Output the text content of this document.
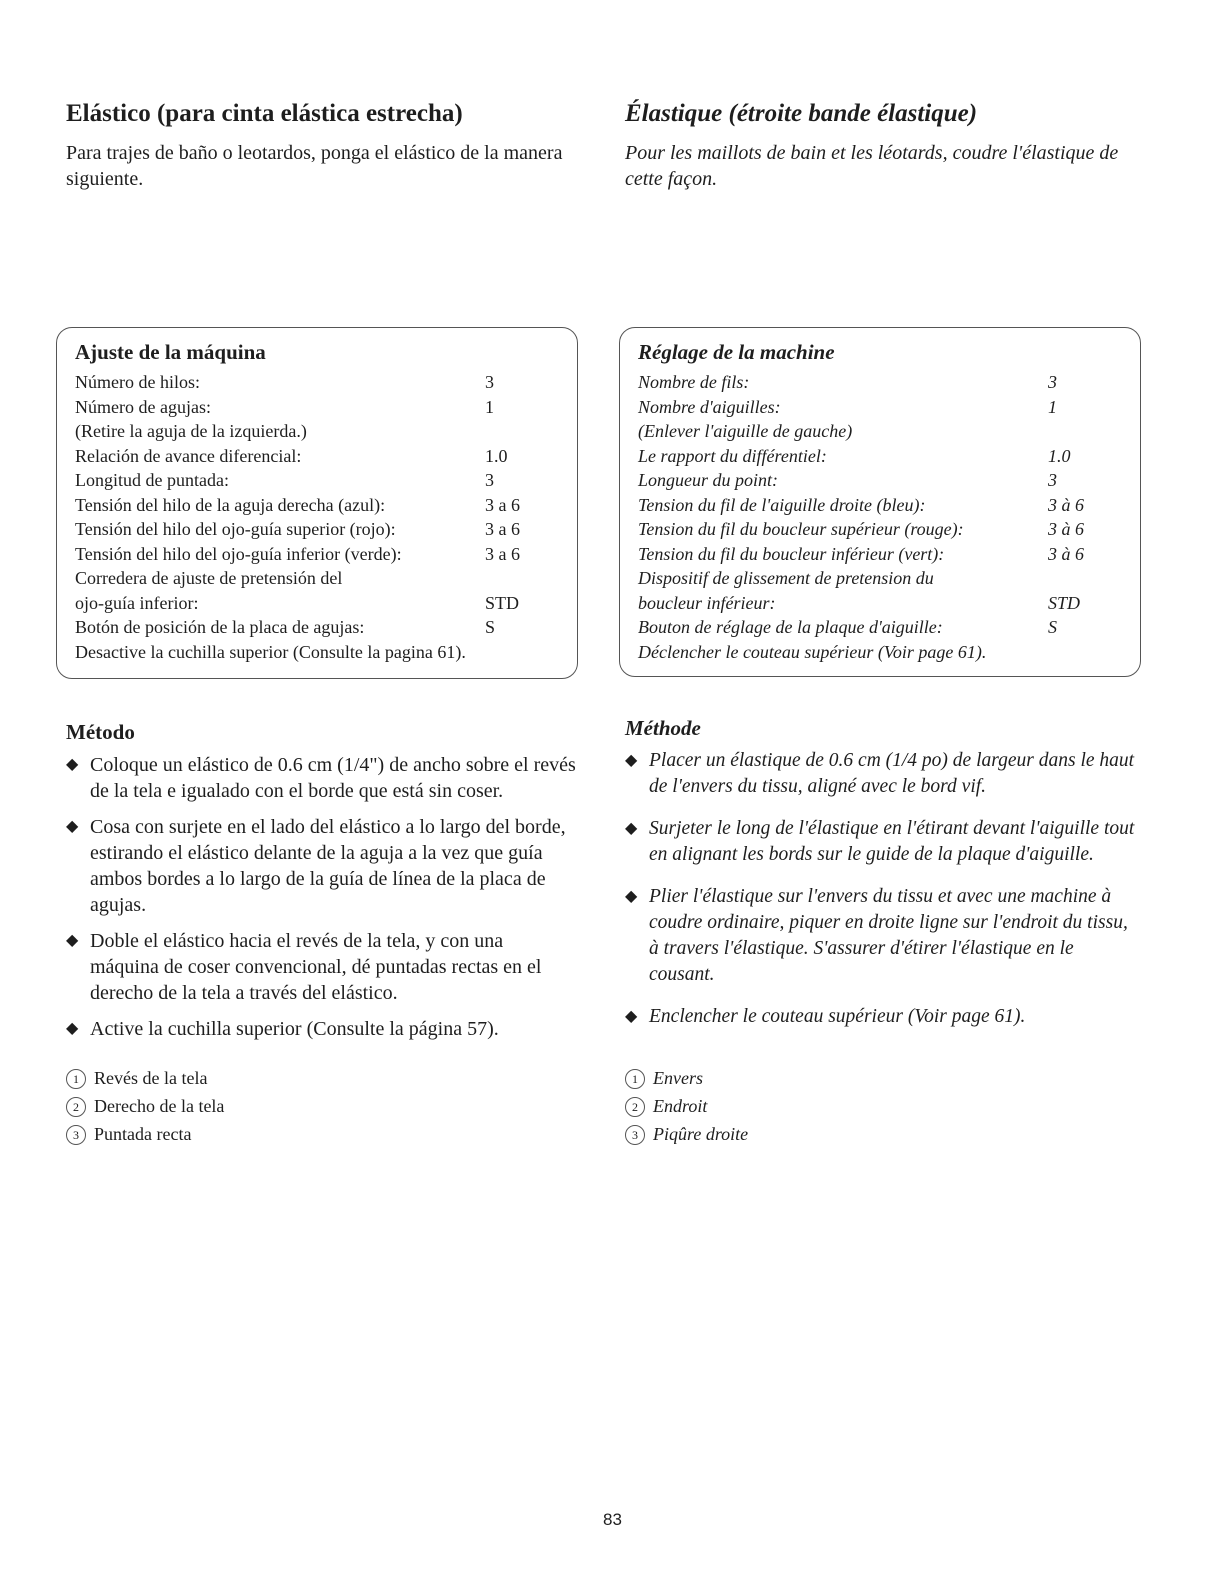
Elástico (para cinta elástica estrecha)

Para trajes de baño o leotardos, ponga el elástico de la manera siguiente.

Ajuste de la máquina
Número de hilos:	3
Número de agujas:	1
(Retire la aguja de la izquierda.)
Relación de avance diferencial:	1.0
Longitud de puntada:	3
Tensión del hilo de la aguja derecha (azul):	3 a 6
Tensión del hilo del ojo-guía superior (rojo):	3 a 6
Tensión del hilo del ojo-guía inferior (verde):	3 a 6
Corredera de ajuste de pretensión del
ojo-guía inferior:	STD
Botón de posición de la placa de agujas:	S
Desactive la cuchilla superior (Consulte la pagina 61).
Método
◆ Coloque un elástico de 0.6 cm (1/4") de ancho sobre el revés de la tela e igualado con el borde que está sin coser.
◆ Cosa con surjete en el lado del elástico a lo largo del borde, estirando el elástico delante de la aguja a la vez que guía ambos bordes a lo largo de la guía de línea de la placa de agujas.
◆ Doble el elástico hacia el revés de la tela, y con una máquina de coser convencional, dé puntadas rectas en el derecho de la tela a través del elástico.
◆ Active la cuchilla superior (Consulte la página 57).
1 Revés de la tela
2 Derecho de la tela
3 Puntada recta
Élastique (étroite bande élastique)

Pour les maillots de bain et les léotards, coudre l'élastique de cette façon.

Réglage de la machine
Nombre de fils:	3
Nombre d'aiguilles:	1
(Enlever l'aiguille de gauche)
Le rapport du différentiel:	1.0
Longueur du point:	3
Tension du fil de l'aiguille droite (bleu):	3 à 6
Tension du fil du boucleur supérieur (rouge):	3 à 6
Tension du fil du boucleur inférieur (vert):	3 à 6
Dispositif de glissement de pretension du
boucleur inférieur:	STD
Bouton de réglage de la plaque d'aiguille:	S
Déclencher le couteau supérieur (Voir page 61).
Méthode
◆ Placer un élastique de 0.6 cm (1/4 po) de largeur dans le haut de l'envers du tissu, aligné avec le bord vif.
◆ Surjeter le long de l'élastique en l'étirant devant l'aiguille tout en alignant les bords sur le guide de la plaque d'aiguille.
◆ Plier l'élastique sur l'envers du tissu et avec une machine à coudre ordinaire, piquer en droite ligne sur l'endroit du tissu, à travers l'élastique. S'assurer d'étirer l'élastique en le cousant.
◆ Enclencher le couteau supérieur (Voir page 61).
1 Envers
2 Endroit
3 Piqûre droite
83
